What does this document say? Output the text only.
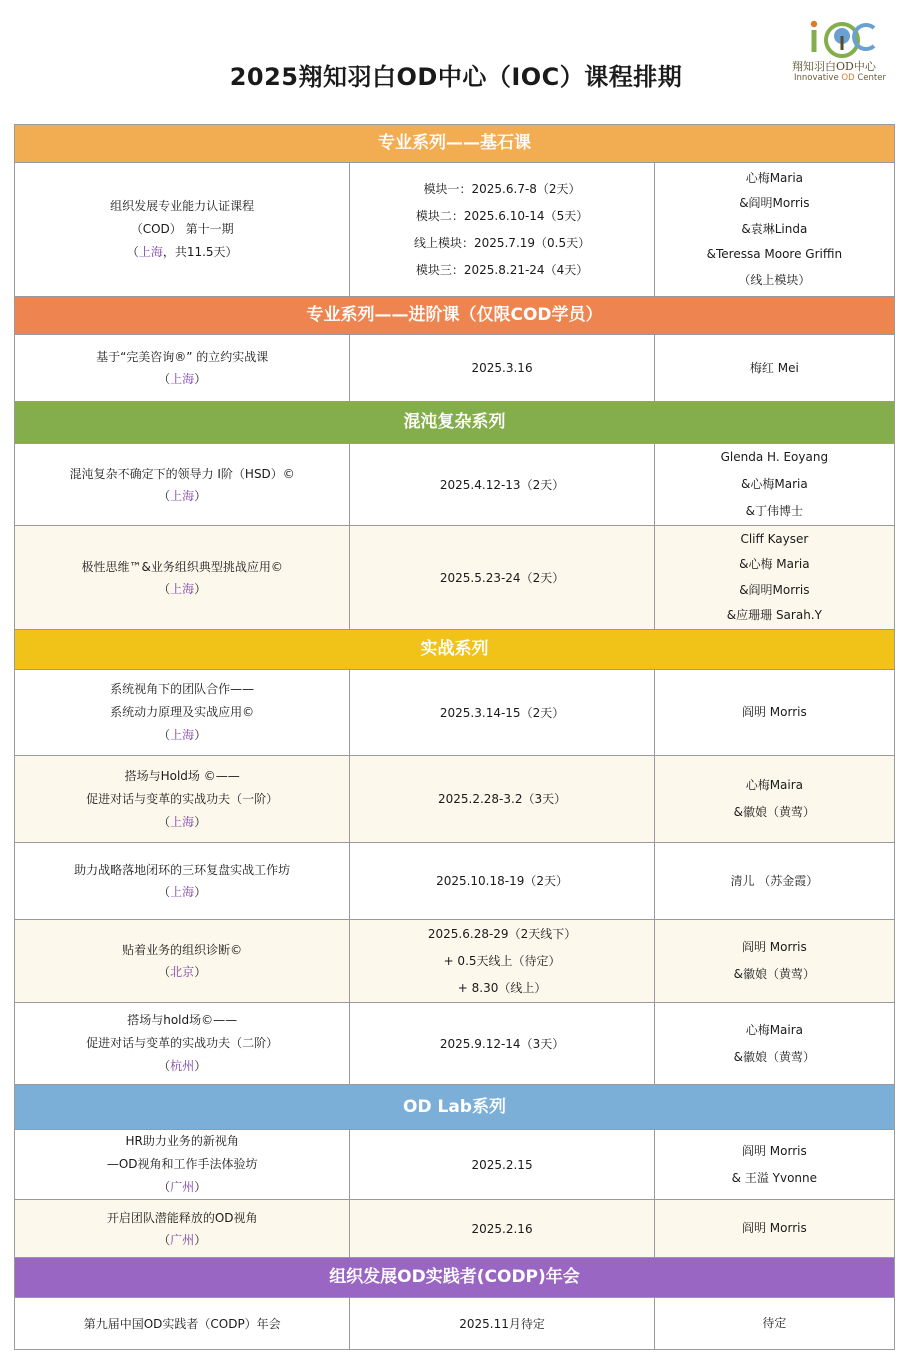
2025翔知羽白OD中心（IOC）课程排期	翔知羽白OD中心
Innovative OD Center
专业系列——基石课		

组织发展专业能力认证课程
（COD） 第十一期
（上海，共11.5天）	模块一：2025.6.7-8（2天）
模块二：2025.6.10-14（5天）
线上模块：2025.7.19（0.5天）
模块三：2025.8.21-24（4天）	心梅Maria
&阎明Morris
&袁琳Linda
&Teressa Moore Griffin
（线上模块）

专业系列——进阶课（仅限COD学员）		

基于“完美咨询®” 的立约实战课
（上海）	2025.3.16	梅红 Mei

混沌复杂系列		

混沌复杂不确定下的领导力 I阶（HSD）©
（上海）	2025.4.12-13（2天）	Glenda H. Eoyang
&心梅Maria
&丁伟博士

极性思维™&业务组织典型挑战应用©
（上海）	2025.5.23-24（2天）	Cliff Kayser
&心梅 Maria
&阎明Morris
&应珊珊 Sarah.Y

实战系列		

系统视角下的团队合作——
系统动力原理及实战应用©
（上海）	2025.3.14-15（2天）	阎明 Morris

搭场与Hold场 ©——
促进对话与变革的实战功夫（一阶）
（上海）	2025.2.28-3.2（3天）	心梅Maira
&徽娘（黄莺）

助力战略落地闭环的三环复盘实战工作坊
（上海）	2025.10.18-19（2天）	清儿 （苏金霞）

贴着业务的组织诊断©
（北京）	2025.6.28-29（2天线下）
+ 0.5天线上（待定）
+ 8.30（线上）	阎明 Morris
&徽娘（黄莺）

搭场与hold场©——
促进对话与变革的实战功夫（二阶）
（杭州）	2025.9.12-14（3天）	心梅Maira
&徽娘（黄莺）

OD Lab系列		

HR助力业务的新视角
—OD视角和工作手法体验坊
（广州）	2025.2.15	阎明 Morris
& 王溢 Yvonne

开启团队潜能释放的OD视角
（广州）	2025.2.16	阎明 Morris

组织发展OD实践者(CODP)年会		

第九届中国OD实践者（CODP）年会	2025.11月待定	待定
